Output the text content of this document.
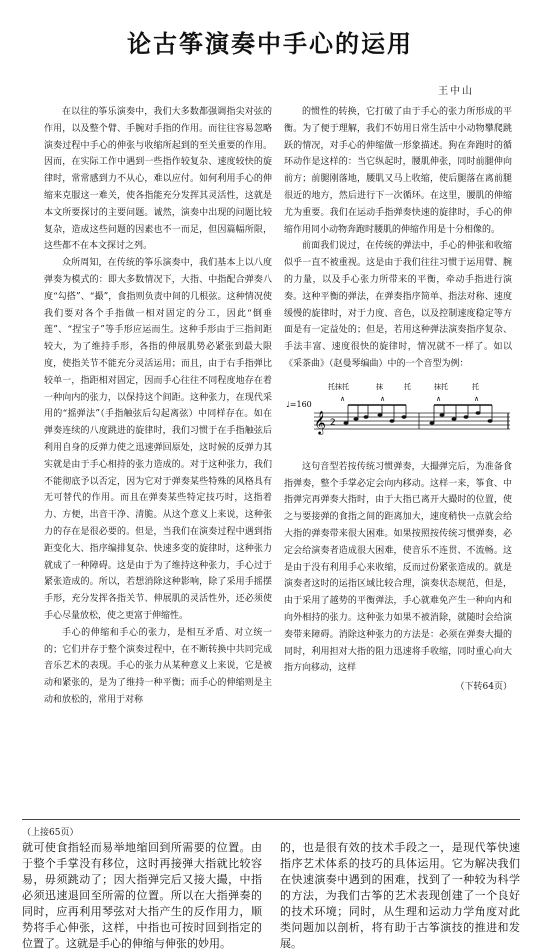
论古筝演奏中手心的运用
王中山

在以往的筝乐演奏中，我们大多数都强调指尖对弦的作用，以及整个臂、手腕对手指的作用。而往往容易忽略演奏过程中手心的伸张与收缩所起到的至关重要的作用。因而，在实际工作中遇到一些指作较复杂、速度较快的旋律时，常常感到力不从心，难以应付。如何利用手心的伸缩来克服这一难关，使各指能充分发挥其灵活性，这就是本文所要探讨的主要问题。诚然，演奏中出现的问题比较复杂，造成这些问题的因素也不一而足，但因篇幅所限，这些都不在本文探讨之列。

众所周知，在传统的筝乐演奏中，我们基本上以八度弹奏为模式的：即大多数情况下，大指、中指配合弹奏八度“勾搭”、“撮”，食指则负责中间的几根弦。这种情况使我们要对各个手指做一相对固定的分工，因此“倒垂莲”、“捏宝子”等手形应运而生。这种手形由于三指间距较大，为了维持手形，各指的伸展肌势必紧张到最大限度，使指关节不能充分灵活运用；而且，由于右手指弹比较单一，指距相对固定，因而手心往往不同程度地存在着一种向内的张力，以保持这个间距。这种张力，在现代采用的“摇弹法”（手指触弦后勾起离弦）中同样存在。如在弹奏连续的八度跳进的旋律时，我们习惯于在手指触弦后利用自身的反弹力使之迅速弹回原处，这时候的反弹力其实就是由于手心相持的张力造成的。对于这种张力，我们不能彻底予以否定，因为它对于弹奏某些特殊的风格具有无可替代的作用。而且在弹奏某些特定技巧时，这指着力、方便，出音干净、清脆。从这个意义上来说，这种张力的存在是很必要的。但是，当我们在演奏过程中遇到指距变化大、指序编排复杂、快速多变的旋律时，这种张力就成了一种障碍。这是由于为了维持这种张力，手心过于紧张造成的。所以，若想消除这种影响，除了采用手摇摆手形，充分发挥各指关节、伸展肌的灵活性外，还必须使手心尽量放松，使之更富于伸缩性。

手心的伸缩和手心的张力，是相互矛盾、对立统一的；它们并存于整个演奏过程中，在不断转换中共同完成音乐艺术的表现。手心的张力从某种意义上来说，它是被动和紧张的，是为了维持一种平衡；而手心的伸缩则是主动和放松的，常用于对称

的惯性的转换，它打破了由于手心的张力所形成的平衡。为了便于理解，我们不妨用日常生活中小动物攀爬跳跃的情况，对手心的伸缩做一形象描述。狗在奔跑时的循环动作是这样的：当它纵起时，腰肌伸张，同时前腿伸向前方；前腿刚落地，腰肌又马上收缩，使后腿落在离前腿很近的地方，然后进行下一次循环。在这里，腰肌的伸缩尤为重要。我们在运动手指弹奏快速的旋律时，手心的伸缩作用同小动物奔跑时腰肌的伸缩作用是十分相像的。

前面我们说过，在传统的弹法中，手心的伸张和收缩似乎一直不被重视。这是由于我们往往习惯于运用臂、腕的力量，以及手心张力所带来的平衡，牵动手指进行演奏。这种平衡的弹法，在弹奏指序简单、指法对称、速度缓慢的旋律时，对于力度、音色，以及控制速度稳定等方面是有一定益处的；但是，若用这种弹法演奏指序复杂、手法丰富、速度很快的旋律时，情况就不一样了。如以《采茶曲》（赵曼琴编曲）中的一个音型为例：

♩=160
托抹托	抹	托	抹托	托
∧	∧	∧	∧
𝄞 2

这句音型若按传统习惯弹奏，大撮弹完后，为准备食指弹奏，整个手掌必定会向内移动。这样一来，筝食、中指弹完再弹奏大指时，由于大指已离开大撮时的位置，使之与要接弹的食指之间的距离加大，速度稍快一点就会给大指的弹奏带来很大困难。如果按照按传统习惯弹奏，必定会给演奏者造成很大困难，使音乐不连贯、不流畅。这是由于没有利用手心来收缩，反而过份紧张造成的。就是演奏者这时的运指区域比较合理，演奏状态规范，但是，由于采用了越势的平衡弹法，手心就难免产生一种向内和向外相持的张力。这种张力如果不被消除，就随时会给演奏带来障碍。消除这种张力的方法是：必须在弹奏大撮的同时，利用担对大指的阻力迅速将手收缩，同时重心向大指方向移动，这样

（下转64页）
（上接65页）
就可使食指轻而易举地缩回到所需要的位置。由于整个手掌没有移位，这时再接弹大指就比较容易，毋须跳动了；因大指弹完后又接大撮，中指必须迅速退回至所需的位置。所以在大指弹奏的同时，应再利用琴弦对大指产生的反作用力，顺势将手心伸张，这样，中指也可按时回到指定的位置了。这就是手心的伸缩与伸张的妙用。
的，也是很有效的技术手段之一，是现代筝快速指序艺术体系的技巧的具体运用。它为解决我们在快速演奏中遇到的困难，找到了一种较为科学的方法，为我们古筝的艺术表现创建了一个良好的技术环境；同时，从生理和运动力学角度对此类问题加以剖析，将有助于古筝演技的推进和发展。
